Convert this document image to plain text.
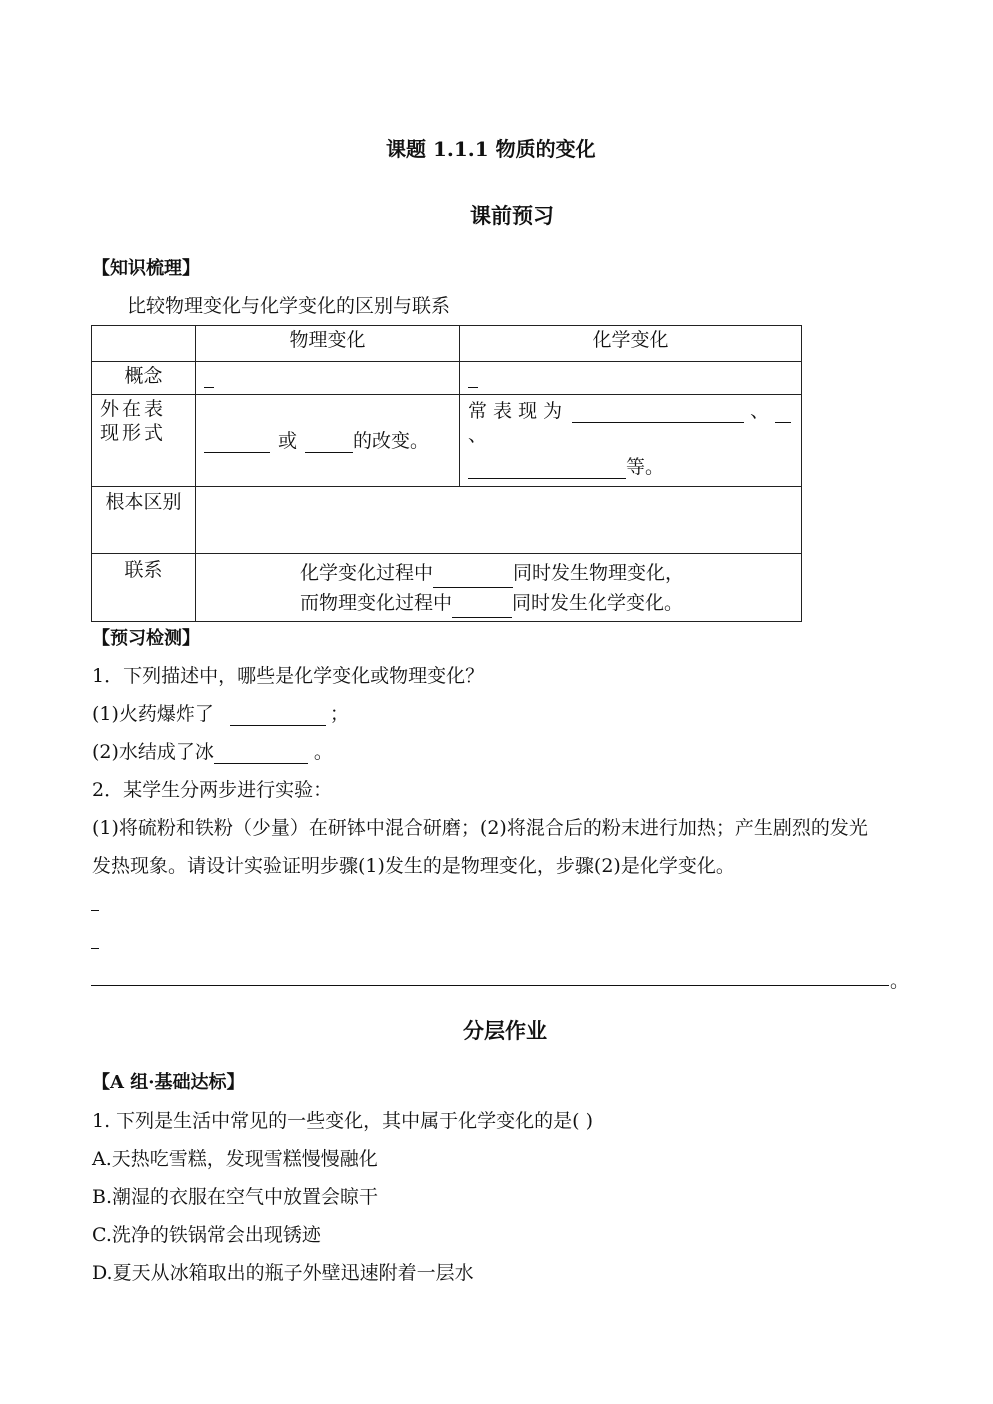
课题 1.1.1 物质的变化
课前预习
【知识梳理】
比较物理变化与化学变化的区别与联系
	物理变化	化学变化
概念		
外在表现形式	或 的改变。	常 表 现 为 、
、
等。

根本区别		
联系	化学变化过程中 同时发生物理变化，
而物理变化过程中 同时发生化学变化。	
【预习检测】
1．下列描述中，哪些是化学变化或物理变化？
(1)火药爆炸了	；
(2)水结成了冰	。
2．某学生分两步进行实验：
(1)将硫粉和铁粉（少量）在研钵中混合研磨；(2)将混合后的粉末进行加热；产生剧烈的发光
发热现象。请设计实验证明步骤(1)发生的是物理变化，步骤(2)是化学变化。
。
分层作业
【A 组·基础达标】
1. 下列是生活中常见的一些变化，其中属于化学变化的是( )
A.天热吃雪糕，发现雪糕慢慢融化
B.潮湿的衣服在空气中放置会晾干
C.洗净的铁锅常会出现锈迹
D.夏天从冰箱取出的瓶子外壁迅速附着一层水
